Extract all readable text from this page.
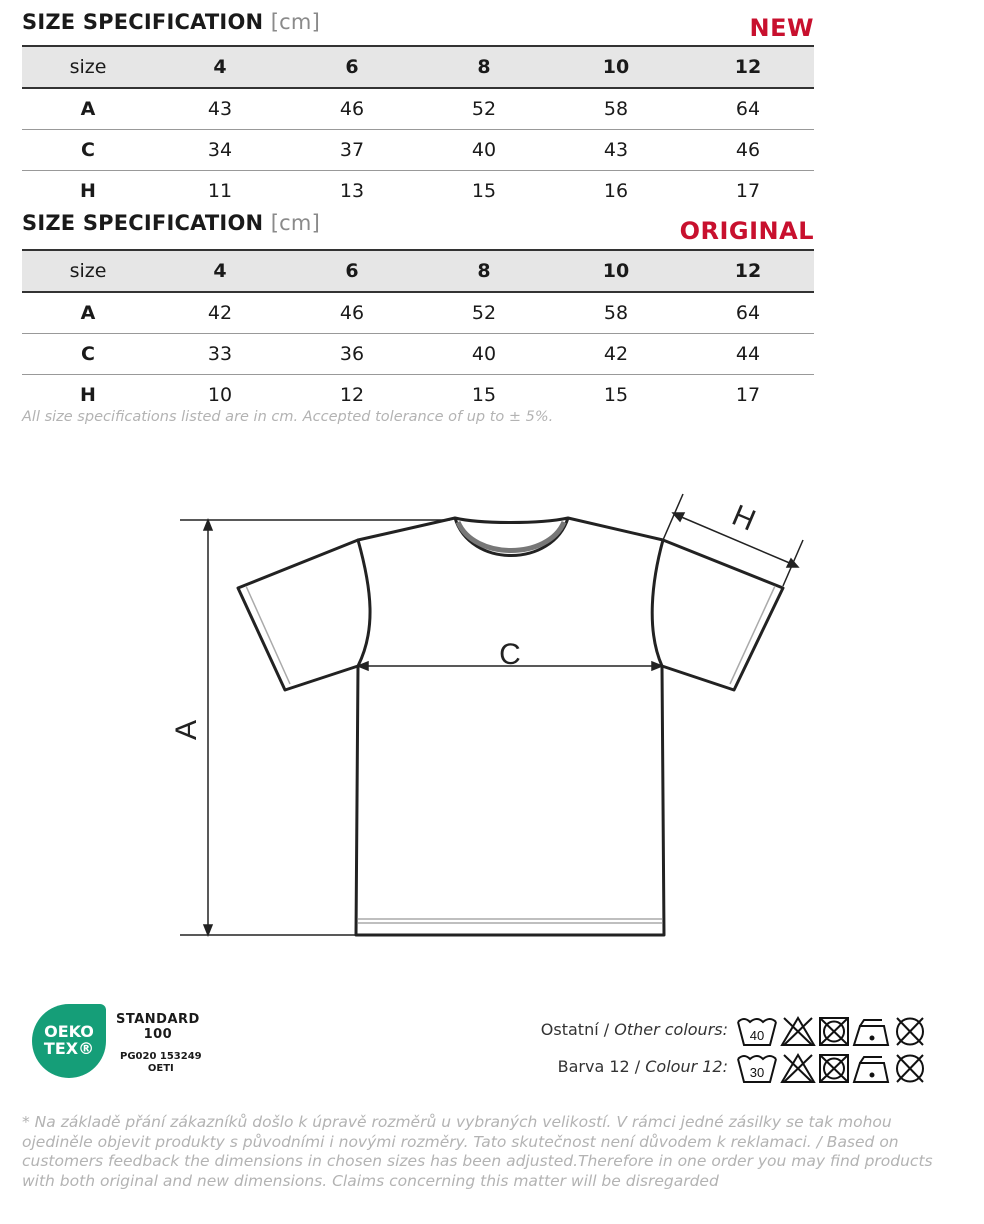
SIZE SPECIFICATION [cm]	NEW
size	4	6	8	10	12
A	43	46	52	58	64
C	34	37	40	43	46
H	11	13	15	16	17
SIZE SPECIFICATION [cm]	ORIGINAL
size	4	6	8	10	12
A	42	46	52	58	64
C	33	36	40	42	44
H	10	12	15	15	17
All size specifications listed are in cm. Accepted tolerance of up to ± 5%.
C
A
H
OEKO
TEX®
STANDARD
100
PG020 153249
OETI
Ostatní / Other colours: 40
Barva 12 / Colour 12: 30
* Na základě přání zákazníků došlo k úpravě rozměrů u vybraných velikostí. V rámci jedné zásilky se tak mohou ojediněle objevit produkty s původními i novými rozměry. Tato skutečnost není důvodem k reklamaci. / Based on customers feedback the dimensions in chosen sizes has been adjusted.Therefore in one order you may find products with both original and new dimensions. Claims concerning this matter will be disregarded
